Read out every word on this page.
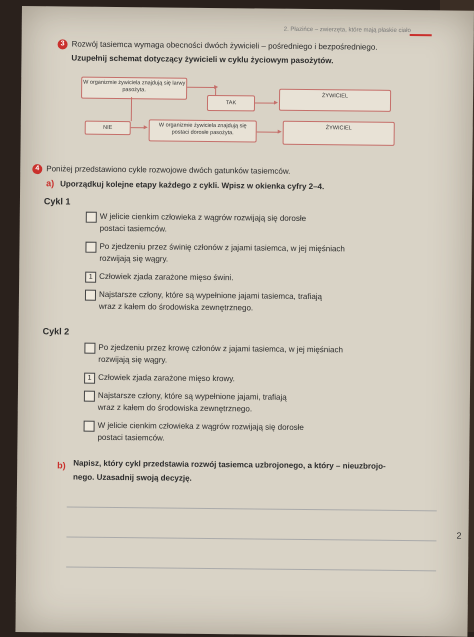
2. Płazińce – zwierzęta, które mają płaskie ciało
3 Rozwój tasiemca wymaga obecności dwóch żywicieli – pośredniego i bezpośredniego.
Uzupełnij schemat dotyczący żywicieli w cyklu życiowym pasożytów.
W organizmie żywiciela znajdują się larwy pasożyta.
TAK
ŻYWICIEL
NIE	W organizmie żywiciela znajdują się postaci dorosłe pasożyta.
ŻYWICIEL
4 Poniżej przedstawiono cykle rozwojowe dwóch gatunków tasiemców.
a) Uporządkuj kolejne etapy każdego z cykli. Wpisz w okienka cyfry 2–4.
Cykl 1
W jelicie cienkim człowieka z wągrów rozwijają się dorosłe
postaci tasiemców.
Po zjedzeniu przez świnię członów z jajami tasiemca, w jej mięśniach
rozwijają się wągry.
1 Człowiek zjada zarażone mięso świni.
Najstarsze człony, które są wypełnione jajami tasiemca, trafiają
wraz z kałem do środowiska zewnętrznego.
Cykl 2
Po zjedzeniu przez krowę członów z jajami tasiemca, w jej mięśniach
rozwijają się wągry.
1 Człowiek zjada zarażone mięso krowy.
Najstarsze człony, które są wypełnione jajami, trafiają
wraz z kałem do środowiska zewnętrznego.
W jelicie cienkim człowieka z wągrów rozwijają się dorosłe
postaci tasiemców.
b) Napisz, który cykl przedstawia rozwój tasiemca uzbrojonego, a który – nieuzbrojo-
nego. Uzasadnij swoją decyzję.
2
